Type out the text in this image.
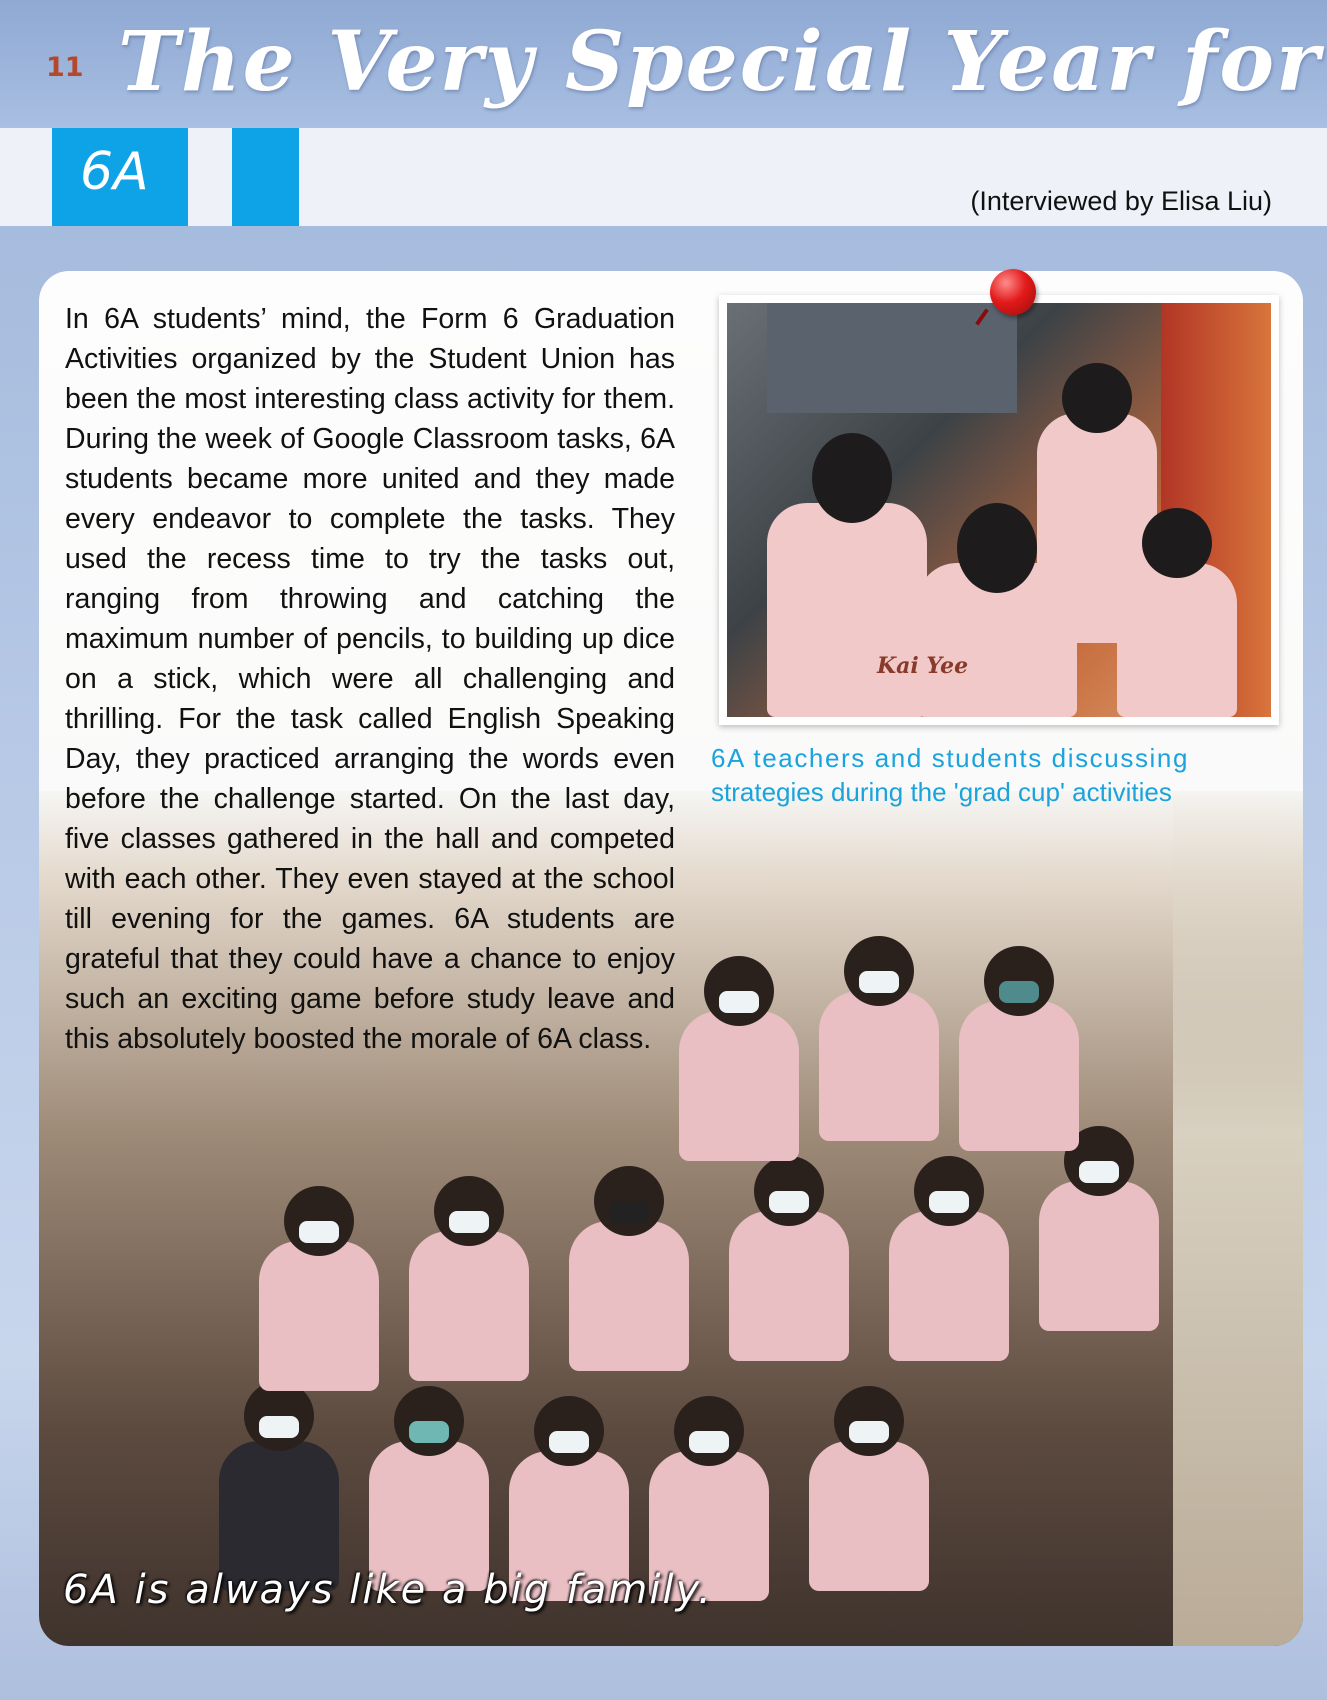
11 The Very Special Year for
6A	(Interviewed by Elisa Liu)
In 6A students’ mind, the Form 6 Graduation Activities organized by the Student Union has been the most interesting class activity for them. During the week of Google Classroom tasks, 6A students became more united and they made every endeavor to complete the tasks. They used the recess time to try the tasks out, ranging from throwing and catching the maximum number of pencils, to building up dice on a stick, which were all challenging and thrilling. For the task called English Speaking Day, they practiced arranging the words even before the challenge started. On the last day, five classes gathered in the hall and competed with each other. They even stayed at the school till evening for the games. 6A students are grateful that they could have a chance to enjoy such an exciting game before study leave and this absolutely boosted the morale of 6A class.
Kai Yee
6A teachers and students discussing
strategies during the 'grad cup' activities
6A is always like a big family.
